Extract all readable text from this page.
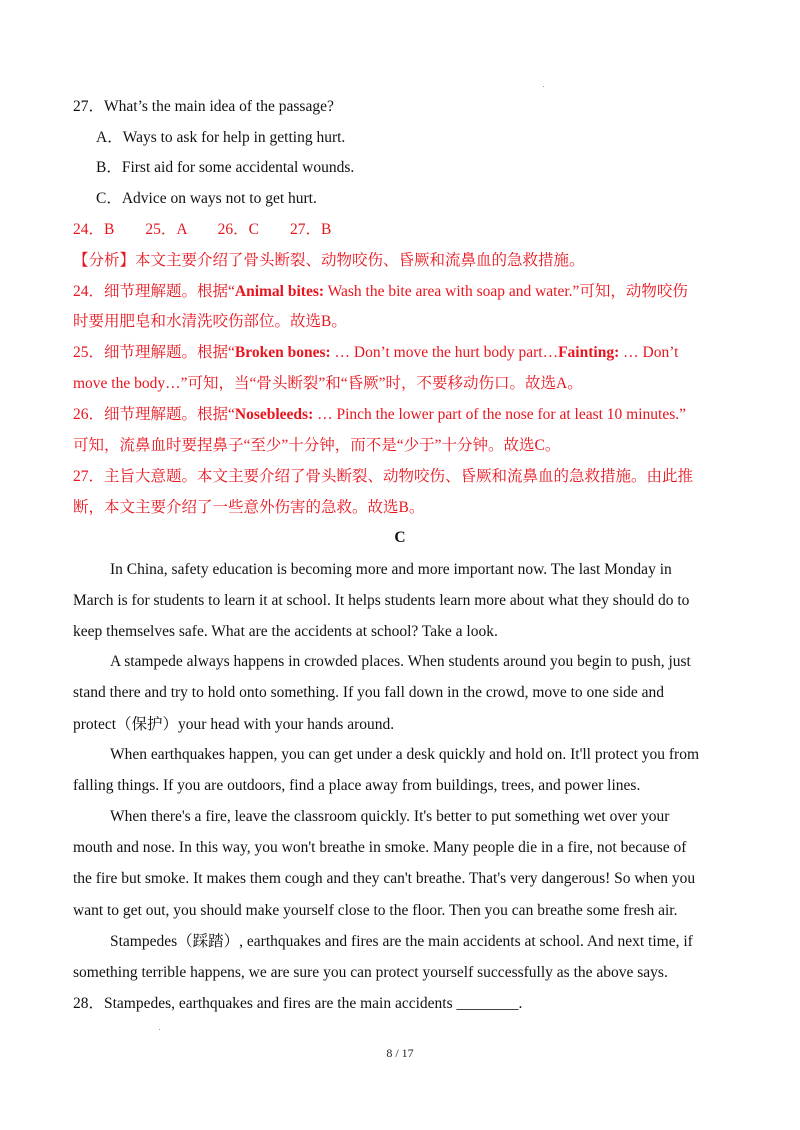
27．What’s the main idea of the passage?
A．Ways to ask for help in getting hurt.
B．First aid for some accidental wounds.
C．Advice on ways not to get hurt.
24．B　　25．A　　26．C　　27．B
【分析】本文主要介绍了骨头断裂、动物咬伤、昏厥和流鼻血的急救措施。
24．细节理解题。根据“Animal bites: Wash the bite area with soap and water.”可知，动物咬伤
时要用肥皂和水清洗咬伤部位。故选B。
25．细节理解题。根据“Broken bones: … Don’t move the hurt body part…Fainting: … Don’t
move the body…”可知，当“骨头断裂”和“昏厥”时，不要移动伤口。故选A。
26．细节理解题。根据“Nosebleeds: … Pinch the lower part of the nose for at least 10 minutes.”
可知，流鼻血时要捏鼻子“至少”十分钟，而不是“少于”十分钟。故选C。
27．主旨大意题。本文主要介绍了骨头断裂、动物咬伤、昏厥和流鼻血的急救措施。由此推
断，本文主要介绍了一些意外伤害的急救。故选B。
C
In China, safety education is becoming more and more important now. The last Monday in
March is for students to learn it at school. It helps students learn more about what they should do to
keep themselves safe. What are the accidents at school? Take a look.
A stampede always happens in crowded places. When students around you begin to push, just
stand there and try to hold onto something. If you fall down in the crowd, move to one side and
protect（保护）your head with your hands around.
When earthquakes happen, you can get under a desk quickly and hold on. It'll protect you from
falling things. If you are outdoors, find a place away from buildings, trees, and power lines.
When there's a fire, leave the classroom quickly. It's better to put something wet over your
mouth and nose. In this way, you won't breathe in smoke. Many people die in a fire, not because of
the fire but smoke. It makes them cough and they can't breathe. That's very dangerous! So when you
want to get out, you should make yourself close to the floor. Then you can breathe some fresh air.
Stampedes（踩踏）, earthquakes and fires are the main accidents at school. And next time, if
something terrible happens, we are sure you can protect yourself successfully as the above says.
28．Stampedes, earthquakes and fires are the main accidents ________.
8 / 17
